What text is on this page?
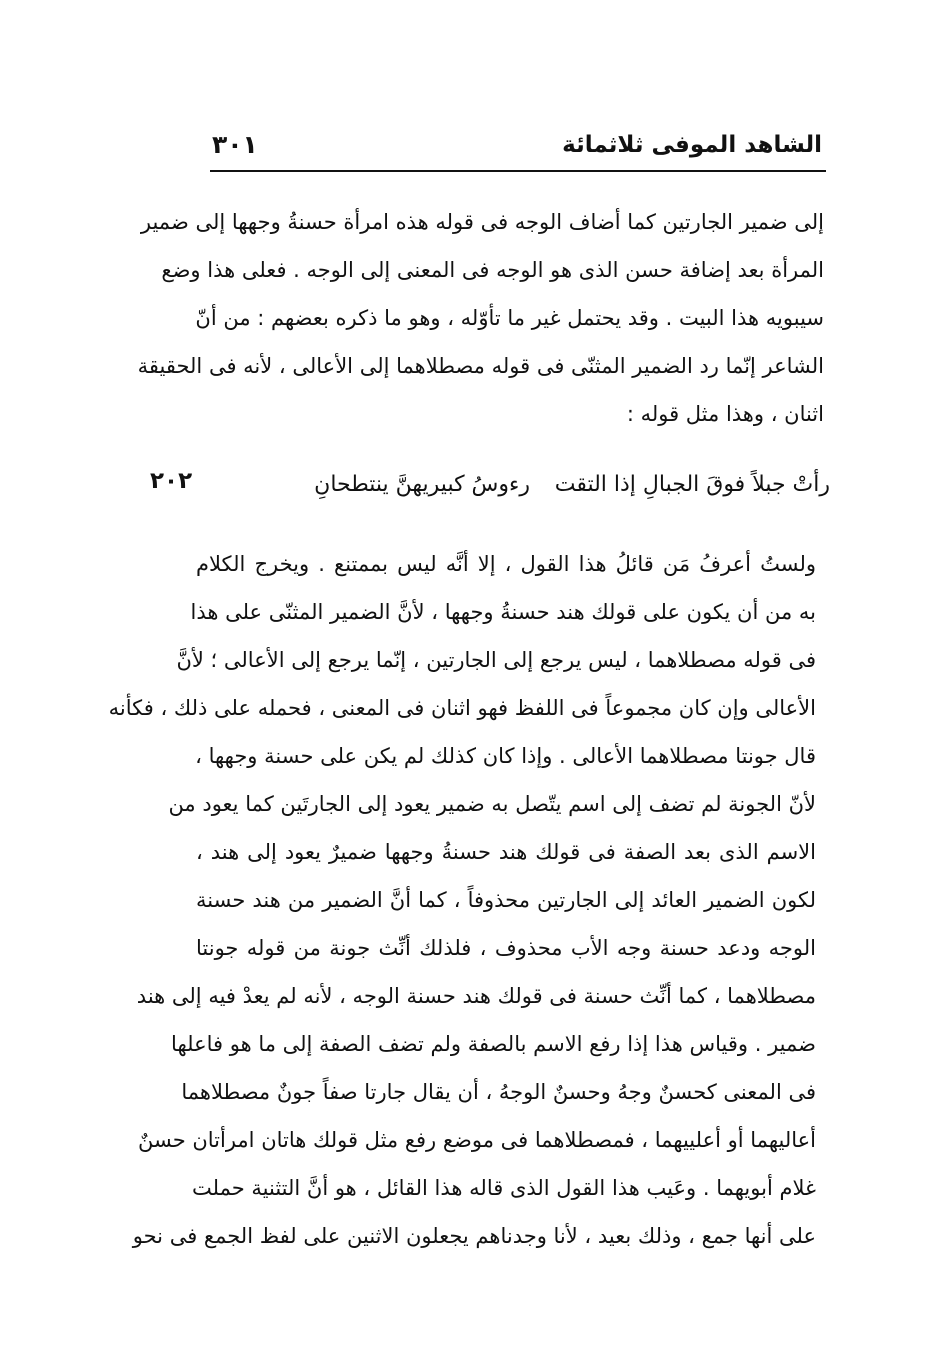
الشاهد الموفى ثلاثمائة
٣٠١
إلى ضمير الجارتين كما أضاف الوجه فى قوله هذه امرأة حسنةُ وجهها إلى ضمير
المرأة بعد إضافة حسن الذى هو الوجه فى المعنى إلى الوجه . فعلى هذا وضع
سيبويه هذا البيت . وقد يحتمل غير ما تأوّله ، وهو ما ذكره بعضهم : من أنّ
الشاعر إنّما رد الضمير المثنّى فى قوله مصطلاهما إلى الأعالى ، لأنه فى الحقيقة
اثنان ، وهذا مثل قوله :
رأتْ جبلاً فوقَ الجبالِ إذا التقت
رءوسُ كبيريهنَّ ينتطحانِ
٢٠٢
ولستُ أعرفُ مَن قائلُ هذا القول ، إلا أنَّه ليس بممتنع . ويخرج الكلام
به من أن يكون على قولك هند حسنةُ وجهها ، لأنَّ الضمير المثنّى على هذا
فى قوله مصطلاهما ، ليس يرجع إلى الجارتين ، إنّما يرجع إلى الأعالى ؛ لأنَّ
الأعالى وإن كان مجموعاً فى اللفظ فهو اثنان فى المعنى ، فحمله على ذلك ، فكأنه
قال جونتا مصطلاهما الأعالى . وإذا كان كذلك لم يكن على حسنة وجهها ،
لأنّ الجونة لم تضف إلى اسم يتّصل به ضمير يعود إلى الجارتَين كما يعود من
الاسم الذى بعد الصفة فى قولك هند حسنةُ وجهها ضميرٌ يعود إلى هند ،
لكون الضمير العائد إلى الجارتين محذوفاً ، كما أنَّ الضمير من هند حسنة
الوجه ودعد حسنة وجه الأب محذوف ، فلذلك أنِّث جونة من قوله جونتا
مصطلاهما ، كما أنِّث حسنة فى قولك هند حسنة الوجه ، لأنه لم يعدْ فيه إلى هند
ضمير . وقياس هذا إذا رفع الاسم بالصفة ولم تضف الصفة إلى ما هو فاعلها
فى المعنى كحسنٌ وجهُ وحسنٌ الوجهُ ، أن يقال جارتا صفاً جونٌ مصطلاهما
أعاليهما أو أعلييهما ، فمصطلاهما فى موضع رفع مثل قولك هاتان امرأتان حسنٌ
غلام أبويهما . وعَيب هذا القول الذى قاله هذا القائل ، هو أنَّ التثنية حملت
على أنها جمع ، وذلك بعيد ، لأنا وجدناهم يجعلون الاثنين على لفظ الجمع فى نحو
